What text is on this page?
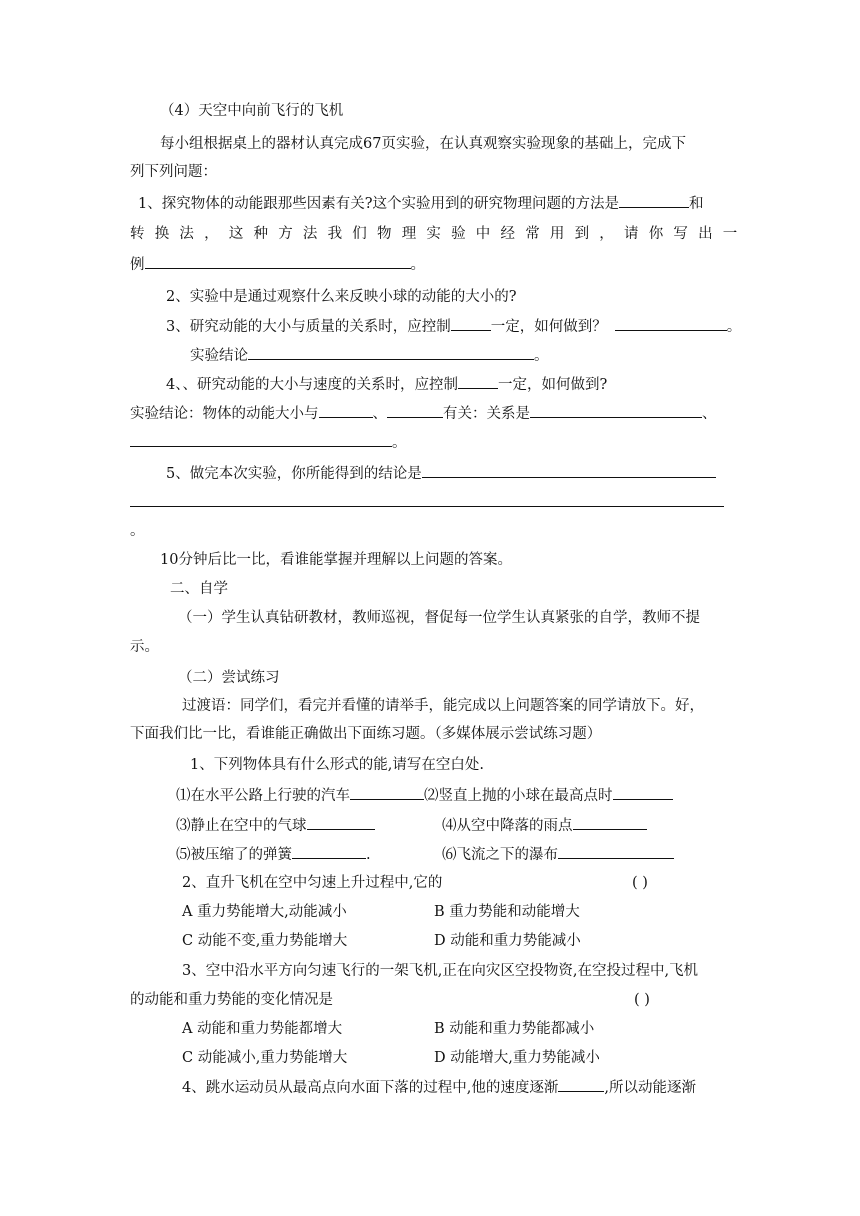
（4）天空中向前飞行的飞机
每小组根据桌上的器材认真完成67页实验，在认真观察实验现象的基础上，完成下
列下列问题：
1、探究物体的动能跟那些因素有关?这个实验用到的研究物理问题的方法是	和
转换法，这种方法我们物理实验中经常用到，请你写出一
例	。
2、实验中是通过观察什么来反映小球的动能的大小的?
3、研究动能的大小与质量的关系时，应控制	一定，如何做到？	。
实验结论	。
4、、研究动能的大小与速度的关系时，应控制	一定，如何做到?
实验结论：物体的动能大小与	、	有关：关系是	、
。
5、做完本次实验，你所能得到的结论是
。
10分钟后比一比，看谁能掌握并理解以上问题的答案。
二、自学
（一）学生认真钻研教材，教师巡视，督促每一位学生认真紧张的自学，教师不提
示。
（二）尝试练习
过渡语：同学们，看完并看懂的请举手，能完成以上问题答案的同学请放下。好，
下面我们比一比，看谁能正确做出下面练习题。（多媒体展示尝试练习题）
1、下列物体具有什么形式的能,请写在空白处.
⑴在水平公路上行驶的汽车	⑵竖直上抛的小球在最高点时
⑶静止在空中的气球	⑷从空中降落的雨点
⑸被压缩了的弹簧	.	⑹飞流之下的瀑布
2、直升飞机在空中匀速上升过程中,它的	( )
A 重力势能增大,动能减小	B 重力势能和动能增大
C 动能不变,重力势能增大	D 动能和重力势能减小
3、空中沿水平方向匀速飞行的一架飞机,正在向灾区空投物资,在空投过程中,飞机
的动能和重力势能的变化情况是	( )
A 动能和重力势能都增大	B 动能和重力势能都减小
C 动能减小,重力势能增大	D 动能增大,重力势能减小
4、跳水运动员从最高点向水面下落的过程中,他的速度逐渐	,所以动能逐渐
